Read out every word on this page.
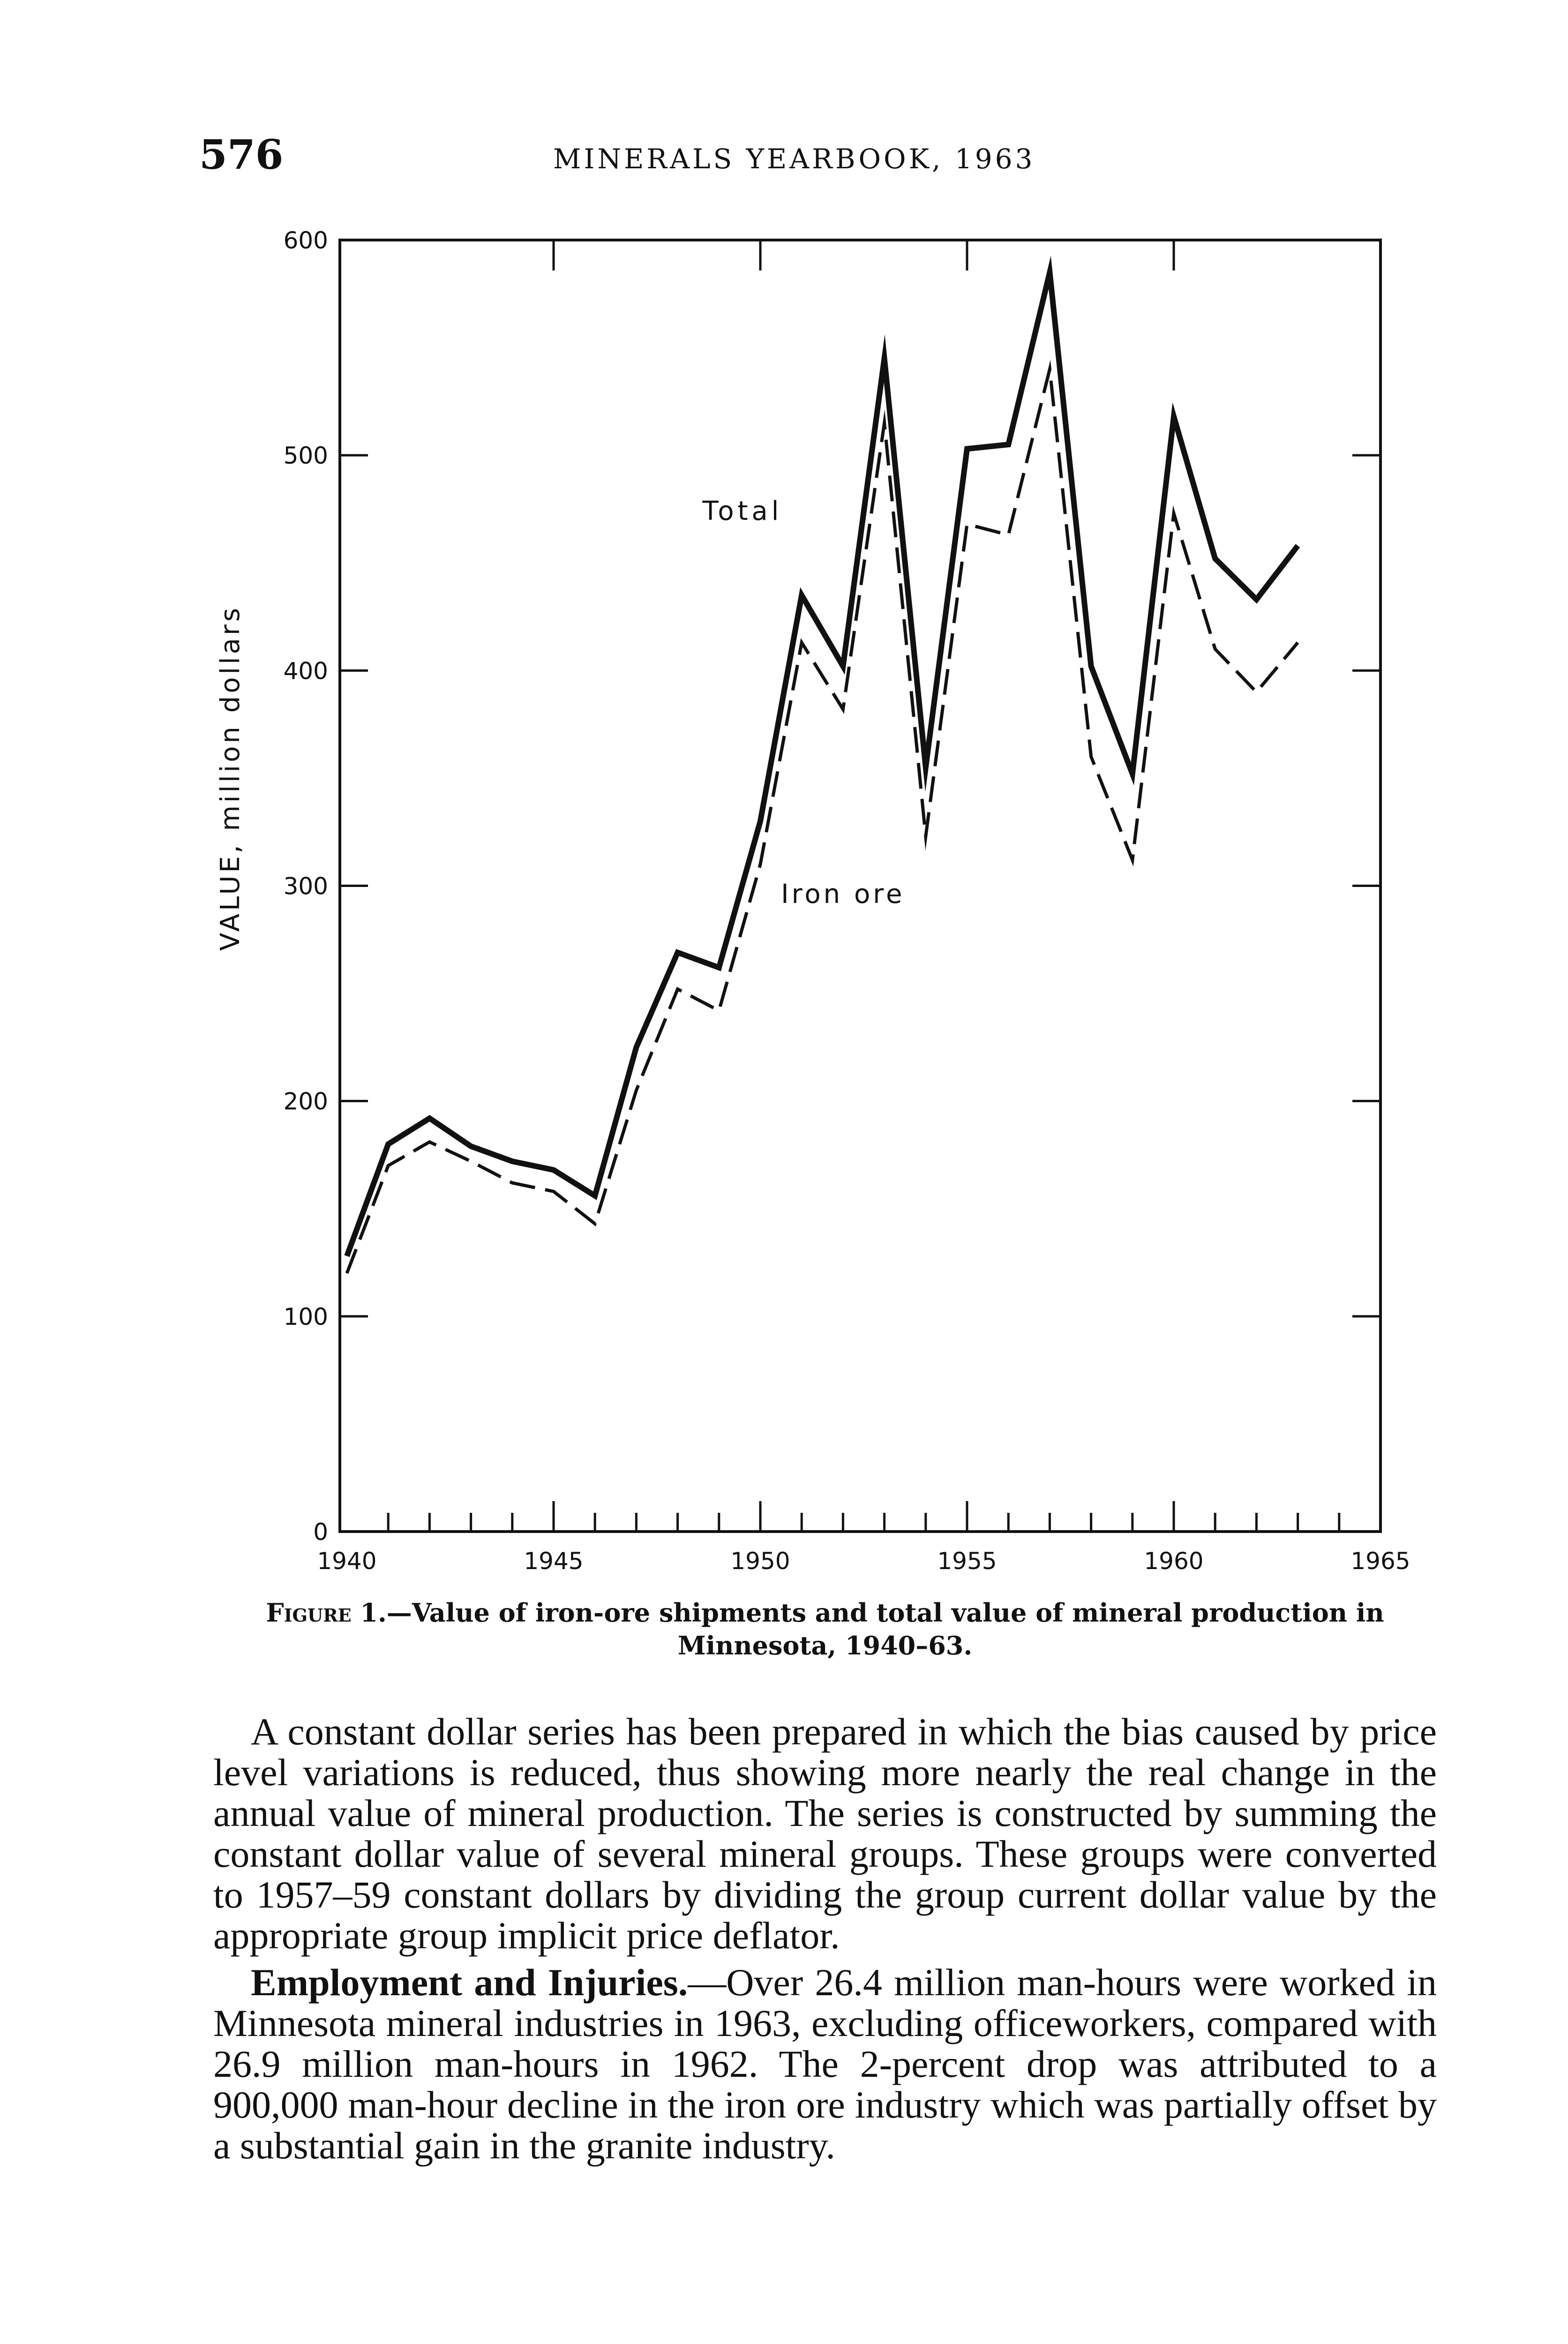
576	MINERALS YEARBOOK, 1963
0
100
200
300
400
500
600
1940	1945	1950	1955	1960	1965
Total
Iron ore
VALUE, million dollars
Figure 1.—Value of iron-ore shipments and total value of mineral production in Minnesota, 1940–63.

A constant dollar series has been prepared in which the bias caused by price level variations is reduced, thus showing more nearly the real change in the annual value of mineral production. The series is constructed by summing the constant dollar value of several mineral groups. These groups were converted to 1957–59 constant dollars by dividing the group current dollar value by the appropriate group implicit price deflator.

Employment and Injuries.—Over 26.4 million man-hours were worked in Minnesota mineral industries in 1963, excluding officeworkers, compared with 26.9 million man-hours in 1962. The 2-percent drop was attributed to a 900,000 man-hour decline in the iron ore industry which was partially offset by a substantial gain in the granite industry.
